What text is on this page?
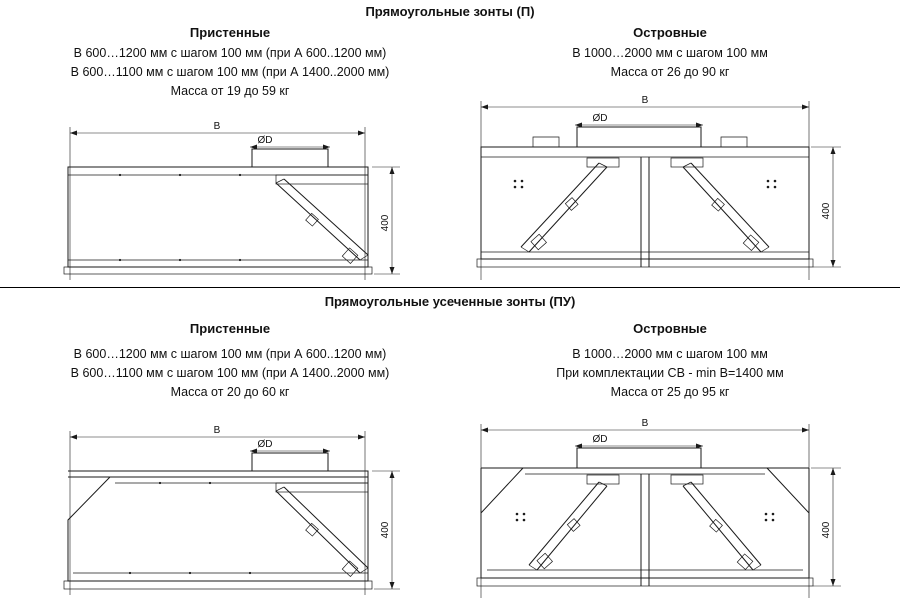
Прямоугольные зонты (П)
Пристенные	Островные
В 600…1200 мм с шагом 100 мм (при А 600..1200 мм)
В 600…1100 мм с шагом 100 мм (при А 1400..2000 мм)
Масса от 19 до 59 кг
В 1000…2000 мм с шагом 100 мм
Масса от 26 до 90 кг
В
ØD
400
В
ØD
400
Прямоугольные усеченные зонты (ПУ)
Пристенные	Островные
В 600…1200 мм с шагом 100 мм (при А 600..1200 мм)
В 600…1100 мм с шагом 100 мм (при А 1400..2000 мм)
Масса от 20 до 60 кг
В 1000…2000 мм с шагом 100 мм
При комплектации СВ - min В=1400 мм
Масса от 25 до 95 кг
В
ØD
400
В
ØD
400
